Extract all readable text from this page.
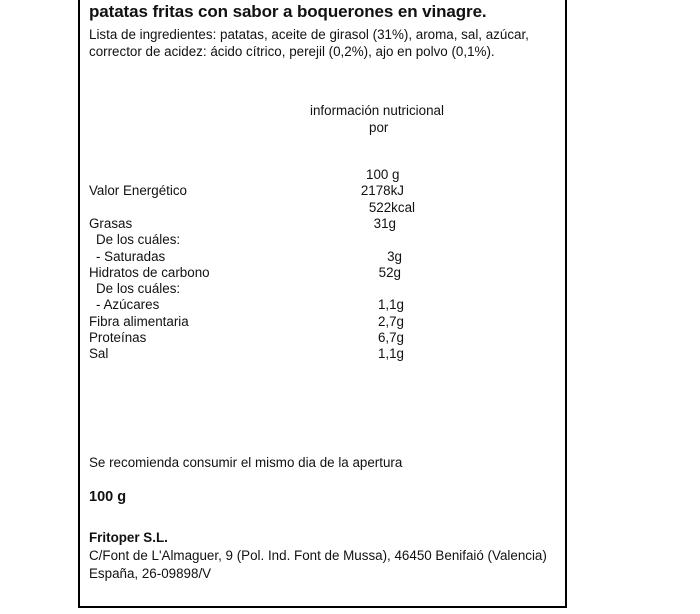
patatas fritas con sabor a boquerones en vinagre.
Lista de ingredientes: patatas, aceite de girasol (31%), aroma, sal, azúcar,
corrector de acidez: ácido cítrico, perejil (0,2%), ajo en polvo (0,1%).
información nutricional
por
100 g
Valor Energético	2178kJ
522kcal
Grasas	31g
De los cuáles:
- Saturadas	3g
Hidratos de carbono	52g
De los cuáles:
- Azúcares	1,1g
Fibra alimentaria	2,7g
Proteínas	6,7g
Sal	1,1g
Se recomienda consumir el mismo dia de la apertura
100 g
Fritoper S.L.
C/Font de L'Almaguer, 9 (Pol. Ind. Font de Mussa), 46450 Benifaió (Valencia)
España, 26-09898/V
